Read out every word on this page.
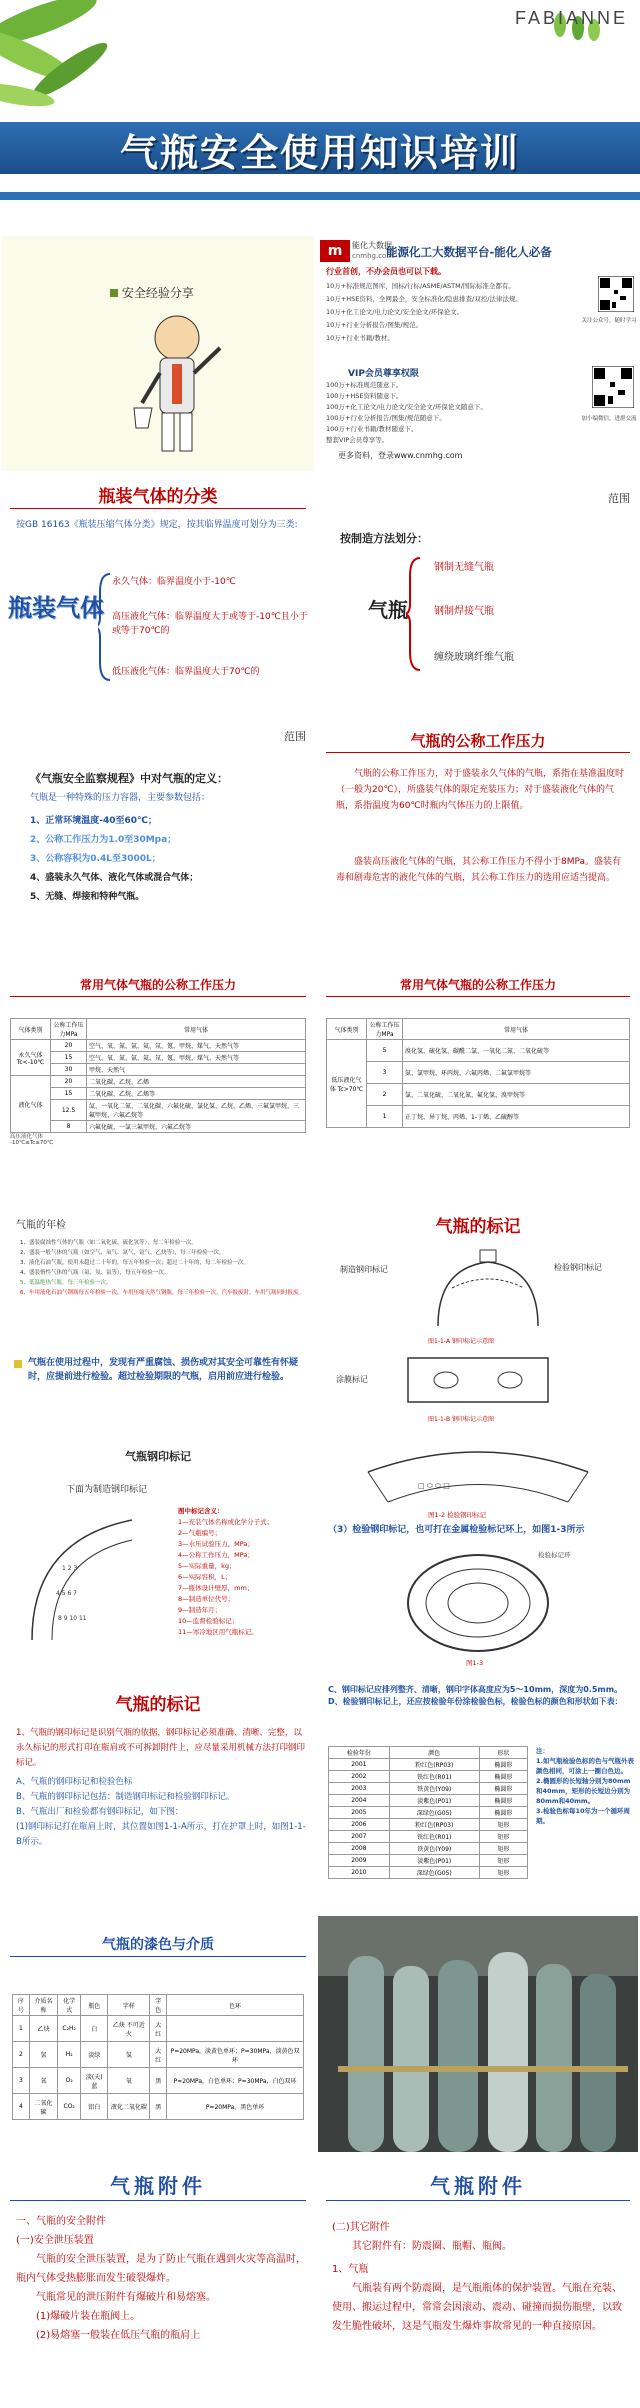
FABIANNE
气瓶安全使用知识培训
安全经验分享
m	能化大数据
cnmhg.com
能源化工大数据平台-能化人必备
行业首创，不办会员也可以下载。
10万+标准规范图库，国标/行标/ASME/ASTM/国际标准全都有。
10万+HSE资料，全网最全，安全标准化/隐患排查/双控/法律法规。
10万+化工论文/电力论文/安全论文/环保论文。
10万+行业分析报告/图集/规范。
10万+行业书籍/教材。
VIP会员尊享权限
100万+标准规范随意下。
100万+HSE资料随意下。
100万+化工论文/电力论文/安全论文/环保论文随意下。
100万+行业分析报告/图集/规范随意下。
100万+行业书籍/教材随意下。
整套VIP会员尊享等。
更多资料，登录www.cnmhg.com
关注公众号，随时学习
加小编微信，进群交流
瓶装气体的分类
按GB 16163《瓶装压缩气体分类》规定，按其临界温度可划分为三类:
瓶装气体
永久气体：临界温度小于-10℃
高压液化气体：临界温度大于或等于-10℃且小于或等于70℃的
低压液化气体：临界温度大于70℃的
范围
按制造方法划分：
气瓶
钢制无缝气瓶
钢制焊接气瓶
缠绕玻璃纤维气瓶
范围
《气瓶安全监察规程》中对气瓶的定义：
气瓶是一种特殊的压力容器，主要参数包括：
1、正常环境温度-40至60℃；
2、公称工作压力为1.0至30Mpa；
3、公称容积为0.4L至3000L；
4、盛装永久气体、液化气体或混合气体；
5、无缝、焊接和特种气瓶。
气瓶的公称工作压力
气瓶的公称工作压力，对于盛装永久气体的气瓶，系指在基准温度时（一般为20℃），所盛装气体的限定充装压力；对于盛装液化气体的气瓶，系指温度为60℃时瓶内气体压力的上限值。
盛装高压液化气体的气瓶，其公称工作压力不得小于8MPa。盛装有毒和剧毒危害的液化气体的气瓶，其公称工作压力的选用应适当提高。
常用气体气瓶的公称工作压力
气体类别	公称工作压力MPa	常用气体
永久气体 Tc<-10℃	20	空气、氧、氮、氩、氦、氖、氪、甲烷、煤气、天然气等
	15	空气、氧、氮、氩、氦、氖、氪、甲烷、煤气、天然气等
	30	甲烷、天然气
液化气体	20	二氧化碳、乙烷、乙烯
	15	二氧化碳、乙烷、乙烯等
	12.5	氙、一氧化二氮、二氧化碳、六氟化硫、氯化氢、乙烷、乙烯、三氟氯甲烷、三氟甲烷、六氟乙烷等
	8	六氟化硫、一氯三氟甲烷、六氟乙烷等
高压液化气体 -10℃≤Tc≤70℃
常用气体气瓶的公称工作压力
气体类别	公称工作压力MPa	常用气体
低压液化气体 Tc>70℃	5	溴化氢、硫化氢、碳酰二氯、一氧化二氮、二氧化硫等
	3	氨、氯甲烷、环丙烷、六氟丙烯、二氟氯甲烷等
	2	氯、二氧化硫、二氧化氮、氟化氢、溴甲烷等
	1	正丁烷、异丁烷、丙烯、1-丁烯、乙硫醇等
气瓶的年检
1、盛装腐蚀性气体的气瓶（如二氧化硫、硫化氢等），每二年检验一次。
2、盛装一般气体的气瓶（如空气、氧气、氮气、氩气、乙炔等），每三年检验一次。
3、液化石油气瓶，使用未超过二十年的，每五年检验一次；超过二十年的，每二年检验一次。
4、盛装惰性气体的气瓶（氦、氖、氩等），每五年检验一次。
5、低温绝热气瓶，每三年检验一次。
6、车用液化石油气钢瓶每五年检验一次，车用压缩天然气钢瓶，每三年检验一次。汽车报废时，车用气瓶同时报废。
气瓶在使用过程中，发现有严重腐蚀、损伤或对其安全可靠性有怀疑时，应提前进行检验。超过检验期限的气瓶，启用前应进行检验。
气瓶的标记
制造钢印标记	检验钢印标记
图1-1-A 钢印标记示意图
涂膜标记
图1-1-B 钢印标记示意图
气瓶钢印标记
下面为制造钢印标记
1 2 3
4 5 6 7
8 9 10 11
图中标记含义：
1—充装气体名称或化学分子式；
2—气瓶编号；
3—水压试验压力，MPa；
4—公称工作压力，MPa；
5—实际重量，kg；
6—实际容积，L；
7—瓶体设计壁厚，mm；
8—制造单位代号；
9—制造年月；
10—监督检验标记；
11—寒冷地区用气瓶标记。
□ ⬭ ⬭ □
图1-2 检验钢印标记
（3）检验钢印标记，也可打在金属检验标记环上，如图1-3所示
检验标记环
图1-3
气瓶的标记
1、气瓶的钢印标记是识别气瓶的依据，钢印标记必须准确、清晰、完整，以永久标记的形式打印在瓶肩或不可拆卸附件上，应尽量采用机械方法打印钢印标记。
A、气瓶的钢印标记和检验色标
B、气瓶的钢印标记包括：制造钢印标记和检验钢印标记。
B、气瓶出厂和检验都有钢印标记，如下图：
(1)钢印标记打在瓶肩上时，其位置如图1-1-A所示，打在护罩上时，如图1-1-B所示。
C、钢印标记应排列整齐、清晰，钢印字体高度应为5～10mm，深度为0.5mm。
D、检验钢印标记上，还应按检验年份涂检验色标，检验色标的颜色和形状如下表：
检验年份	颜色	形状
2001	粉红色(RP03)	椭圆形
2002	铁红色(R01)	椭圆形
2003	铁黄色(Y09)	椭圆形
2004	淡紫色(P01)	椭圆形
2005	深绿色(G05)	椭圆形
2006	粉红色(RP03)	矩形
2007	铁红色(R01)	矩形
2008	铁黄色(Y09)	矩形
2009	淡紫色(P01)	矩形
2010	深绿色(G05)	矩形
注：
1.如气瓶检验色标的色与气瓶外表颜色相同，可涂上一圈白色边。
2.椭圆形的长短轴分别为80mm和40mm，矩形的长短边分别为80mm和40mm。
3.检验色标每10年为一个循环周期。
气瓶的漆色与介质
序号	介质名称	化学式	瓶色	字样	字色	色环
1	乙炔	C₂H₂	白	乙炔 不可近火	大红	
2	氢	H₂	淡绿	氢	大红	P=20MPa，淡黄色单环；P=30MPa，淡黄色双环
3	氧	O₂	淡(天)蓝	氧	黑	P=20MPa，白色单环；P=30MPa，白色双环
4	二氧化碳	CO₂	铝白	液化二氧化碳	黑	P=20MPa，黑色单环
气瓶附件
一、气瓶的安全附件
(一)安全泄压装置
气瓶的安全泄压装置，是为了防止气瓶在遇到火灾等高温时，瓶内气体受热膨胀而发生破裂爆炸。
气瓶常见的泄压附件有爆破片和易熔塞。
(1)爆破片装在瓶阀上。
(2)易熔塞一般装在低压气瓶的瓶肩上
气瓶附件
(二)其它附件
其它附件有：防震圈、瓶帽、瓶阀。
1、气瓶
气瓶装有两个防震圈，是气瓶瓶体的保护装置。气瓶在充装、使用、搬运过程中，常常会因滚动、震动、碰撞而损伤瓶壁，以致发生脆性破坏，这是气瓶发生爆炸事故常见的一种直接原因。
